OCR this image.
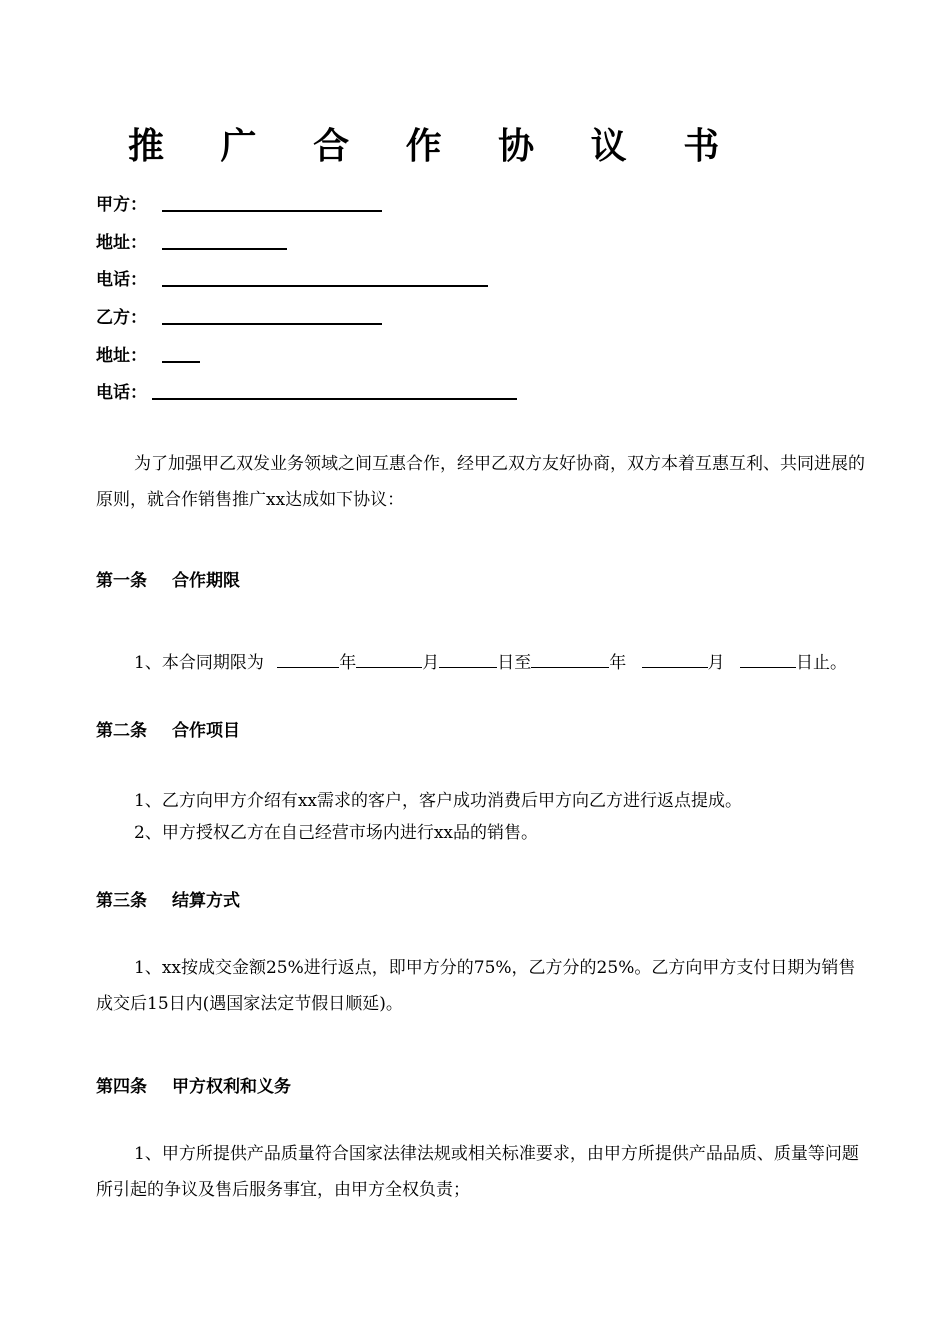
推 广 合 作 协 议 书
甲方：
地址：
电话：
乙方：
地址：
电话：
为了加强甲乙双发业务领域之间互惠合作，经甲乙双方友好协商，双方本着互惠互利、共同进展的原则，就合作销售推广xx达成如下协议：
第一条 合作期限
1、本合同期限为	年	月	日至	年	月	日止。
第二条 合作项目
1、乙方向甲方介绍有xx需求的客户，客户成功消费后甲方向乙方进行返点提成。
2、甲方授权乙方在自己经营市场内进行xx品的销售。
第三条 结算方式
1、xx按成交金额25%进行返点，即甲方分的75%，乙方分的25%。乙方向甲方支付日期为销售成交后15日内(遇国家法定节假日顺延)。
第四条 甲方权利和义务
1、甲方所提供产品质量符合国家法律法规或相关标准要求，由甲方所提供产品品质、质量等问题所引起的争议及售后服务事宜，由甲方全权负责；
